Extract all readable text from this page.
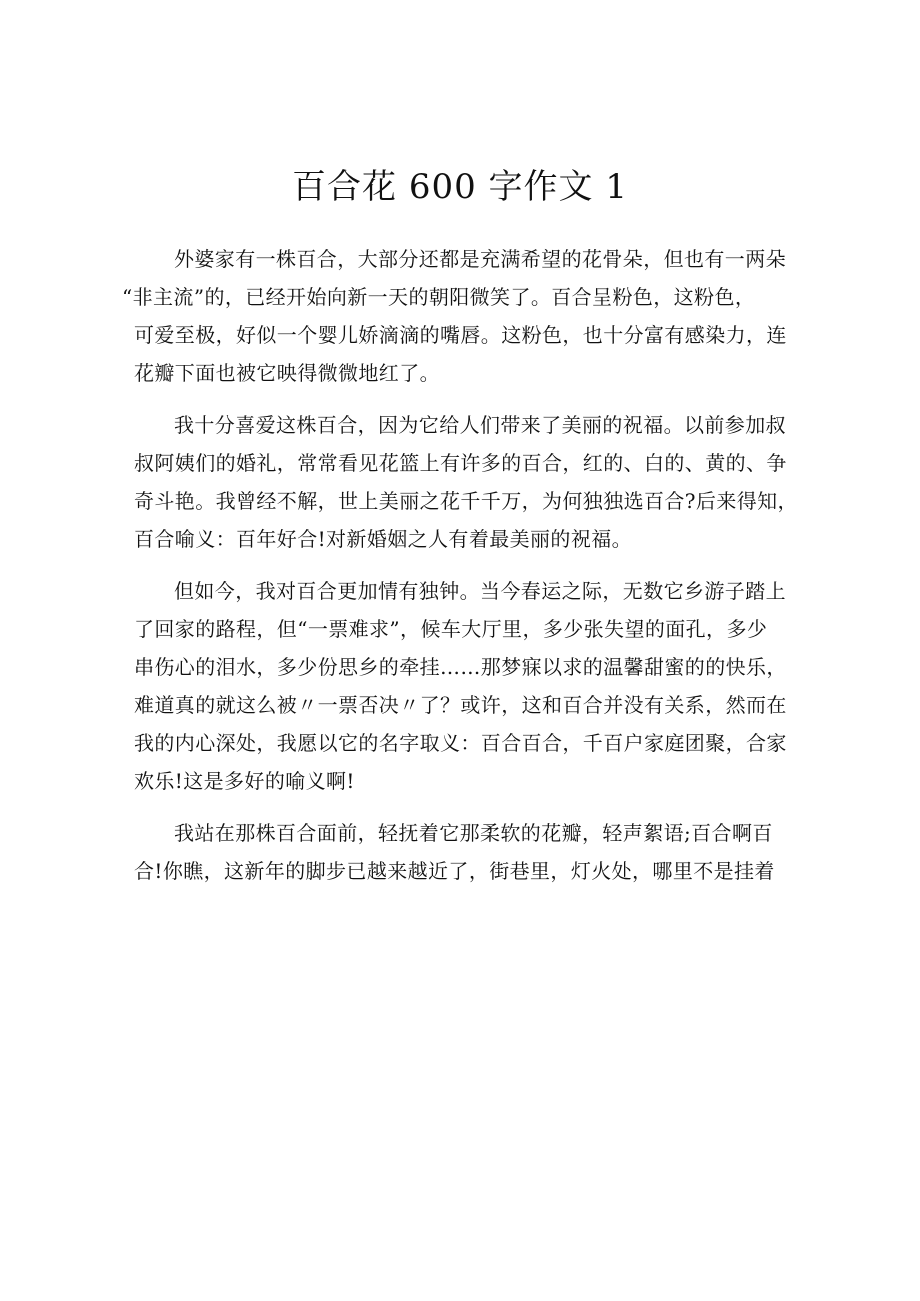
百合花 600 字作文 1

外婆家有一株百合，大部分还都是充满希望的花骨朵，但也有一两朵
“非主流”的，已经开始向新一天的朝阳微笑了。百合呈粉色，这粉色，
可爱至极，好似一个婴儿娇滴滴的嘴唇。这粉色，也十分富有感染力，连
花瓣下面也被它映得微微地红了。

我十分喜爱这株百合，因为它给人们带来了美丽的祝福。以前参加叔
叔阿姨们的婚礼，常常看见花篮上有许多的百合，红的、白的、黄的、争
奇斗艳。我曾经不解，世上美丽之花千千万，为何独独选百合?后来得知，
百合喻义：百年好合!对新婚姻之人有着最美丽的祝福。

但如今，我对百合更加情有独钟。当今春运之际，无数它乡游子踏上
了回家的路程，但“一票难求”，候车大厅里，多少张失望的面孔，多少
串伤心的泪水，多少份思乡的牵挂……那梦寐以求的温馨甜蜜的的快乐，
难道真的就这么被〃一票否决〃了？或许，这和百合并没有关系，然而在
我的内心深处，我愿以它的名字取义：百合百合，千百户家庭团聚，合家
欢乐!这是多好的喻义啊!

我站在那株百合面前，轻抚着它那柔软的花瓣，轻声絮语;百合啊百
合!你瞧，这新年的脚步已越来越近了，街巷里，灯火处，哪里不是挂着
